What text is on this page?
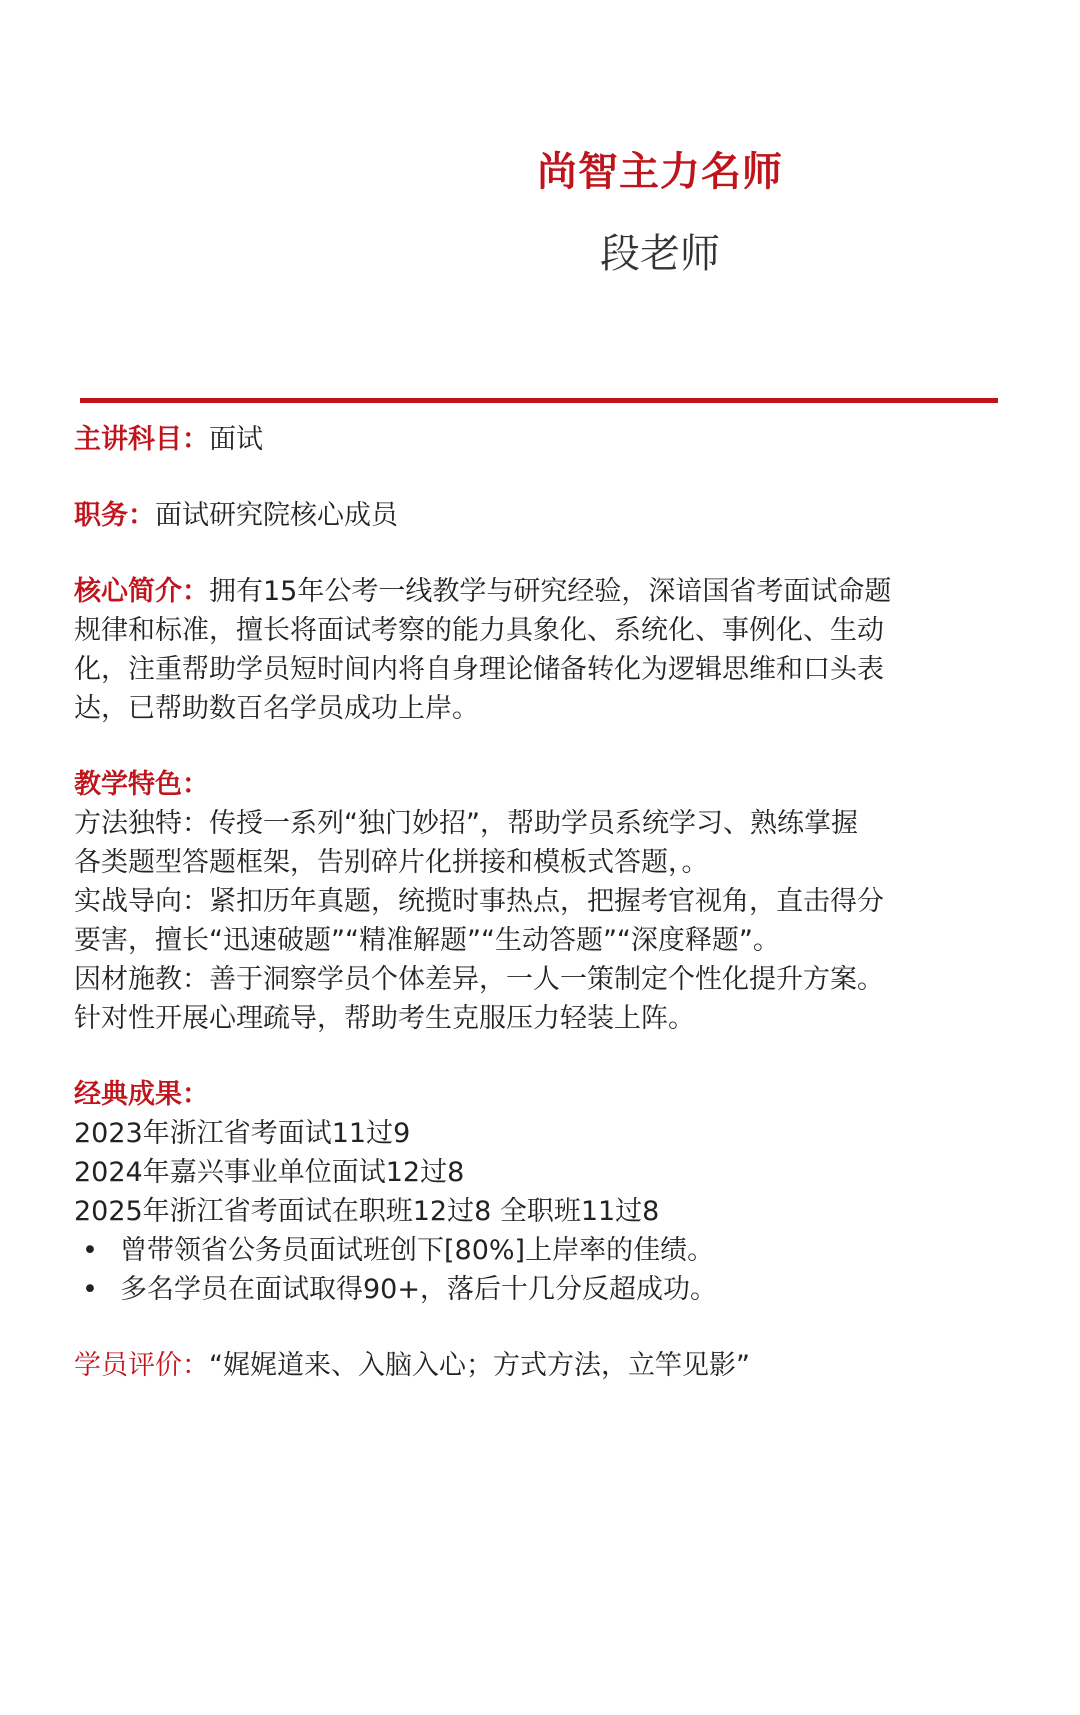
尚智主力名师
段老师

主讲科目：面试

职务：面试研究院核心成员

核心简介：拥有15年公考一线教学与研究经验，深谙国省考面试命题
规律和标准，擅长将面试考察的能力具象化、系统化、事例化、生动
化，注重帮助学员短时间内将自身理论储备转化为逻辑思维和口头表
达，已帮助数百名学员成功上岸。
教学特色：
方法独特：传授一系列“独门妙招”，帮助学员系统学习、熟练掌握
各类题型答题框架，告别碎片化拼接和模板式答题，。
实战导向：紧扣历年真题，统揽时事热点，把握考官视角，直击得分
要害，擅长“迅速破题”“精准解题”“生动答题”“深度释题”。
因材施教：善于洞察学员个体差异，一人一策制定个性化提升方案。
针对性开展心理疏导，帮助考生克服压力轻装上阵。
经典成果：
2023年浙江省考面试11过9
2024年嘉兴事业单位面试12过8
2025年浙江省考面试在职班12过8 全职班11过8
• 曾带领省公务员面试班创下[80%]上岸率的佳绩。
• 多名学员在面试取得90+，落后十几分反超成功。

学员评价：“娓娓道来、入脑入心；方式方法，立竿见影”
